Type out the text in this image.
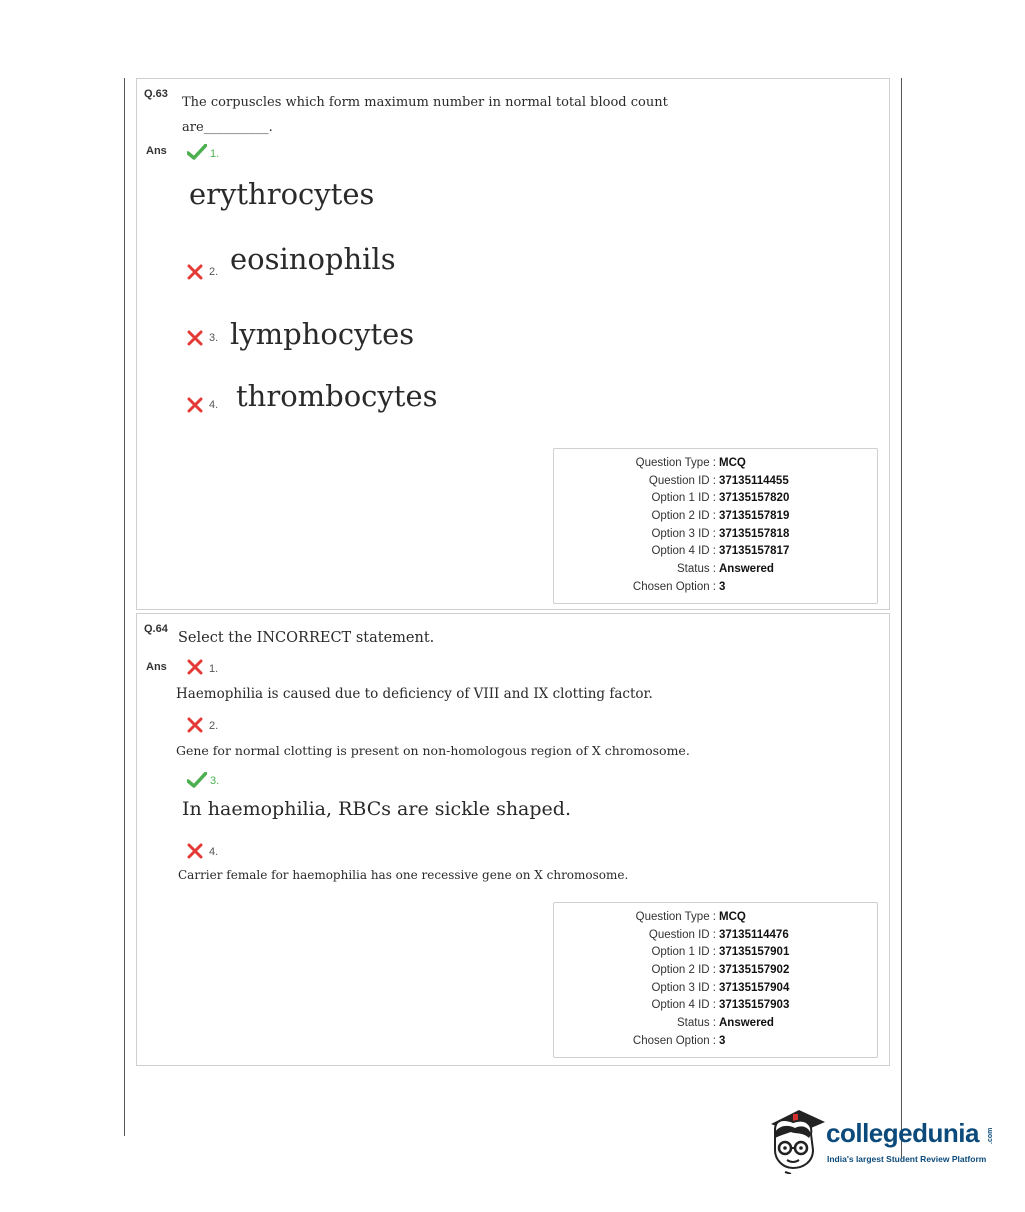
Q.63
The corpuscles which form maximum number in normal total blood count
are__________.
Ans	1.
erythrocytes
2. eosinophils
3. lymphocytes
4. thrombocytes
Question Type : MCQ
Question ID : 37135114455
Option 1 ID : 37135157820
Option 2 ID : 37135157819
Option 3 ID : 37135157818
Option 4 ID : 37135157817
Status : Answered
Chosen Option : 3
Q.64
Select the INCORRECT statement.
Ans	1.
Haemophilia is caused due to deficiency of VIII and IX clotting factor.
2.
Gene for normal clotting is present on non-homologous region of X chromosome.
3.
In haemophilia, RBCs are sickle shaped.
4.
Carrier female for haemophilia has one recessive gene on X chromosome.
Question Type : MCQ
Question ID : 37135114476
Option 1 ID : 37135157901
Option 2 ID : 37135157902
Option 3 ID : 37135157904
Option 4 ID : 37135157903
Status : Answered
Chosen Option : 3
collegedunia .com
India's largest Student Review Platform
